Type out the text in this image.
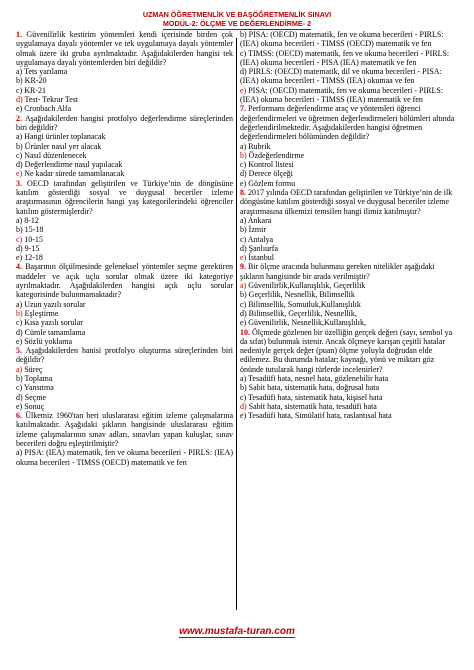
UZMAN ÖĞRETMENLİK VE BAŞÖĞRETMENLİK SINAVI
MODÜL-2: ÖLÇME VE DEĞERLENDİRME- 2

1. Güvenilirlik kestirim yöntemleri kendi içerisinde birden çok uygulamaya dayalı yöntemler ve tek uygulamaya dayalı yöntemler olmak üzere iki gruba ayrılmaktadır. Aşağıdakilerden hangisi tek uygulamaya dayalı yöntemlerden biri değildir?

a) Tets yarılama

b) KR-20

c) KR-21

d) Test- Tekrar Test

e) Cronbach Alfa

2. Aşağıdakilerden hangisi protfolyo değerlendirme süreçlerinden biri değildir?

a) Hangi ürünler toplanacak

b) Ürünler nasıl yer alacak

c) Nasıl düzenlenecek

d) Değerlendirme nasıl yapılacak

e) Ne kadar sürede tamamlanacak

3. OECD tarafından geliştirilen ve Türkiye’nin de döngüsüne katılım gösterdiği sosyal ve duygusal beceriler izleme araştırmasının öğrencilerin hangi yaş kategorilerindeki öğrenciler katılım göstermişlerdir?

a) 8-12

b) 15-18

c) 10-15

d) 9-15

e) 12-18

4. Başarının ölçülmesinde geleneksel yöntemler seçme gerektiren maddeler ve açık uçlu sorular olmak üzere iki kategoriye ayrılmaktadır. Aşağıdakilerden hangisi açık uçlu sorular kategorisinde bulunmamaktadır?

a) Uzun yazılı sorular

b) Eşleştirme

c) Kısa yazılı sorular

d) Cümle tamamlama

e) Sözlü yoklama

5. Aşağıdakilerden hanisi protfolyo oluşturma süreçlerinden biri değildir?

a) Süreç

b) Toplama

c) Yansıtma

d) Seçme

e) Sonuç

6. Ülkemiz 1960'tan beri uluslararası eğitim izleme çalışmalarına katılmaktadır. Aşağıdaki şıkların hangisinde uluslararası eğitim izleme çalışmalarının sınav adları, sınavları yapan kuluşlar, sınav becerileri doğru eşleştirilmiştir?

a) PISA: (IEA) matematik, fen ve okuma becerileri - PIRLS: (IEA) okuma becerileri - TIMSS (OECD) matematik ve fen

b) PISA: (OECD) matematik, fen ve okuma becerileri - PIRLS: (IEA) okuma becerileri - TIMSS (OECD) matematik ve fen

c) TIMSS: (OECD) matematik, fen ve okuma becerileri - PIRLS: (IEA) okuma becerileri - PISA (IEA) matematik ve fen

d) PIRLS: (OECD) matematik, dil ve okuma becerileri - PISA: (IEA) okuma becerileri - TIMSS (IEA) okumaa ve fen

e) PISA: (OECD) matematik, fen ve okuma becerileri - PIRLS: (IEA) okuma becerileri - TIMSS (IEA) matematik ve fen

7. Performans değerlendirme araç ve yöntemleri öğrenci değerlendirmeleri ve öğretmen değerlendirmeleri bölümleri altında değerlendirilmektedir. Aşağıdakilerden hangisi öğretmen değerlendirmeleri bölümünden değildir?

a) Rubrik

b) Özdeğerlendirme

c) Kontrol listesi

d) Derece ölçeği

e) Gözlem formu

8. 2017 yılında OECD tarafından geliştirilen ve Türkiye’nin de ilk döngüsüne katılım gösterdiği sosyal ve duygusal beceriler izleme araştırmasına ülkemizi temsilen hangi ilimiz katılmıştır?

a) Ankara

b) İzmir

c) Antalya

d) Şanlıurfa

e) İstanbul

9. Bir ölçme aracında bulunması gereken nitelikler aşağıdaki şıkların hangisinde bir arada verilmiştir?

a) Güvenilirlik,Kullanışlılık, Geçerlilik

b) Geçerlilik, Nesnellik, Bilimsellik

c) Bilimsellik, Somutluk,Kullanışlılık

d) Bilimsellik, Geçerlilik, Nesnellik,

e) Güvenilirlik, Nesnellik,Kullanışlılık,

10. Ölçmede gözlenen bir özelliğin gerçek değeri (sayı, sembol ya da sıfat) bulunmak istenir. Ancak ölçmeye karışan çeşitli hatalar nedeniyle gerçek değer (puan) ölçme yoluyla doğrudan elde edilemez. Bu durumda hatalar; kaynağı, yönü ve miktarı göz önünde tutularak hangi türlerde incelenirler?

a) Tesadüfi hata, nesnel hata, gözlenebilir hata

b) Sabit hata, sistematik hata, doğrusal hata

c) Tesadüfi hata, sistematik hata, kişisel hata

d) Sabit hata, sistematik hata, tesadüfi hata

e) Tesadüfi hata, Simülatif hata, raslantısal hata

www.mustafa-turan.com
